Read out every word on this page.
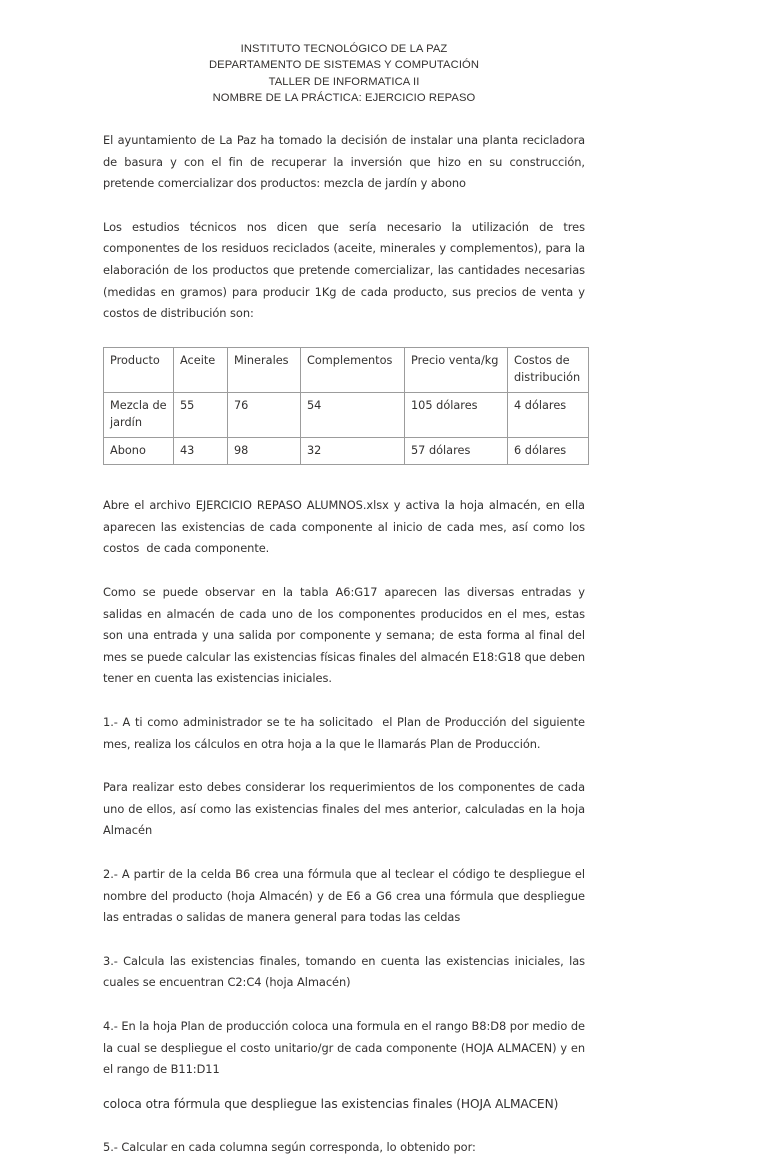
INSTITUTO TECNOLÓGICO DE LA PAZ
DEPARTAMENTO DE SISTEMAS Y COMPUTACIÓN
TALLER DE INFORMATICA II
NOMBRE DE LA PRÁCTICA: EJERCICIO REPASO

El ayuntamiento de La Paz ha tomado la decisión de instalar una planta recicladora de basura y con el fin de recuperar la inversión que hizo en su construcción, pretende comercializar dos productos: mezcla de jardín y abono

Los estudios técnicos nos dicen que sería necesario la utilización de tres componentes de los residuos reciclados (aceite, minerales y complementos), para la elaboración de los productos que pretende comercializar, las cantidades necesarias (medidas en gramos) para producir 1Kg de cada producto, sus precios de venta y costos de distribución son:

Producto	Aceite	Minerales	Complementos	Precio venta/kg	Costos de distribución
Mezcla de jardín	55	76	54	105 dólares	4 dólares
Abono	43	98	32	57 dólares	6 dólares

Abre el archivo EJERCICIO REPASO ALUMNOS.xlsx y activa la hoja almacén, en ella aparecen las existencias de cada componente al inicio de cada mes, así como los costos  de cada componente.

Como se puede observar en la tabla A6:G17 aparecen las diversas entradas y salidas en almacén de cada uno de los componentes producidos en el mes, estas son una entrada y una salida por componente y semana; de esta forma al final del mes se puede calcular las existencias físicas finales del almacén E18:G18 que deben tener en cuenta las existencias iniciales.

1.- A ti como administrador se te ha solicitado  el Plan de Producción del siguiente mes, realiza los cálculos en otra hoja a la que le llamarás Plan de Producción.

Para realizar esto debes considerar los requerimientos de los componentes de cada uno de ellos, así como las existencias finales del mes anterior, calculadas en la hoja Almacén

2.- A partir de la celda B6 crea una fórmula que al teclear el código te despliegue el nombre del producto (hoja Almacén) y de E6 a G6 crea una fórmula que despliegue las entradas o salidas de manera general para todas las celdas

3.- Calcula las existencias finales, tomando en cuenta las existencias iniciales, las cuales se encuentran C2:C4 (hoja Almacén)

4.- En la hoja Plan de producción coloca una formula en el rango B8:D8 por medio de la cual se despliegue el costo unitario/gr de cada componente (HOJA ALMACEN) y en el rango de B11:D11

coloca otra fórmula que despliegue las existencias finales (HOJA ALMACEN)

5.- Calcular en cada columna según corresponda, lo obtenido por:
